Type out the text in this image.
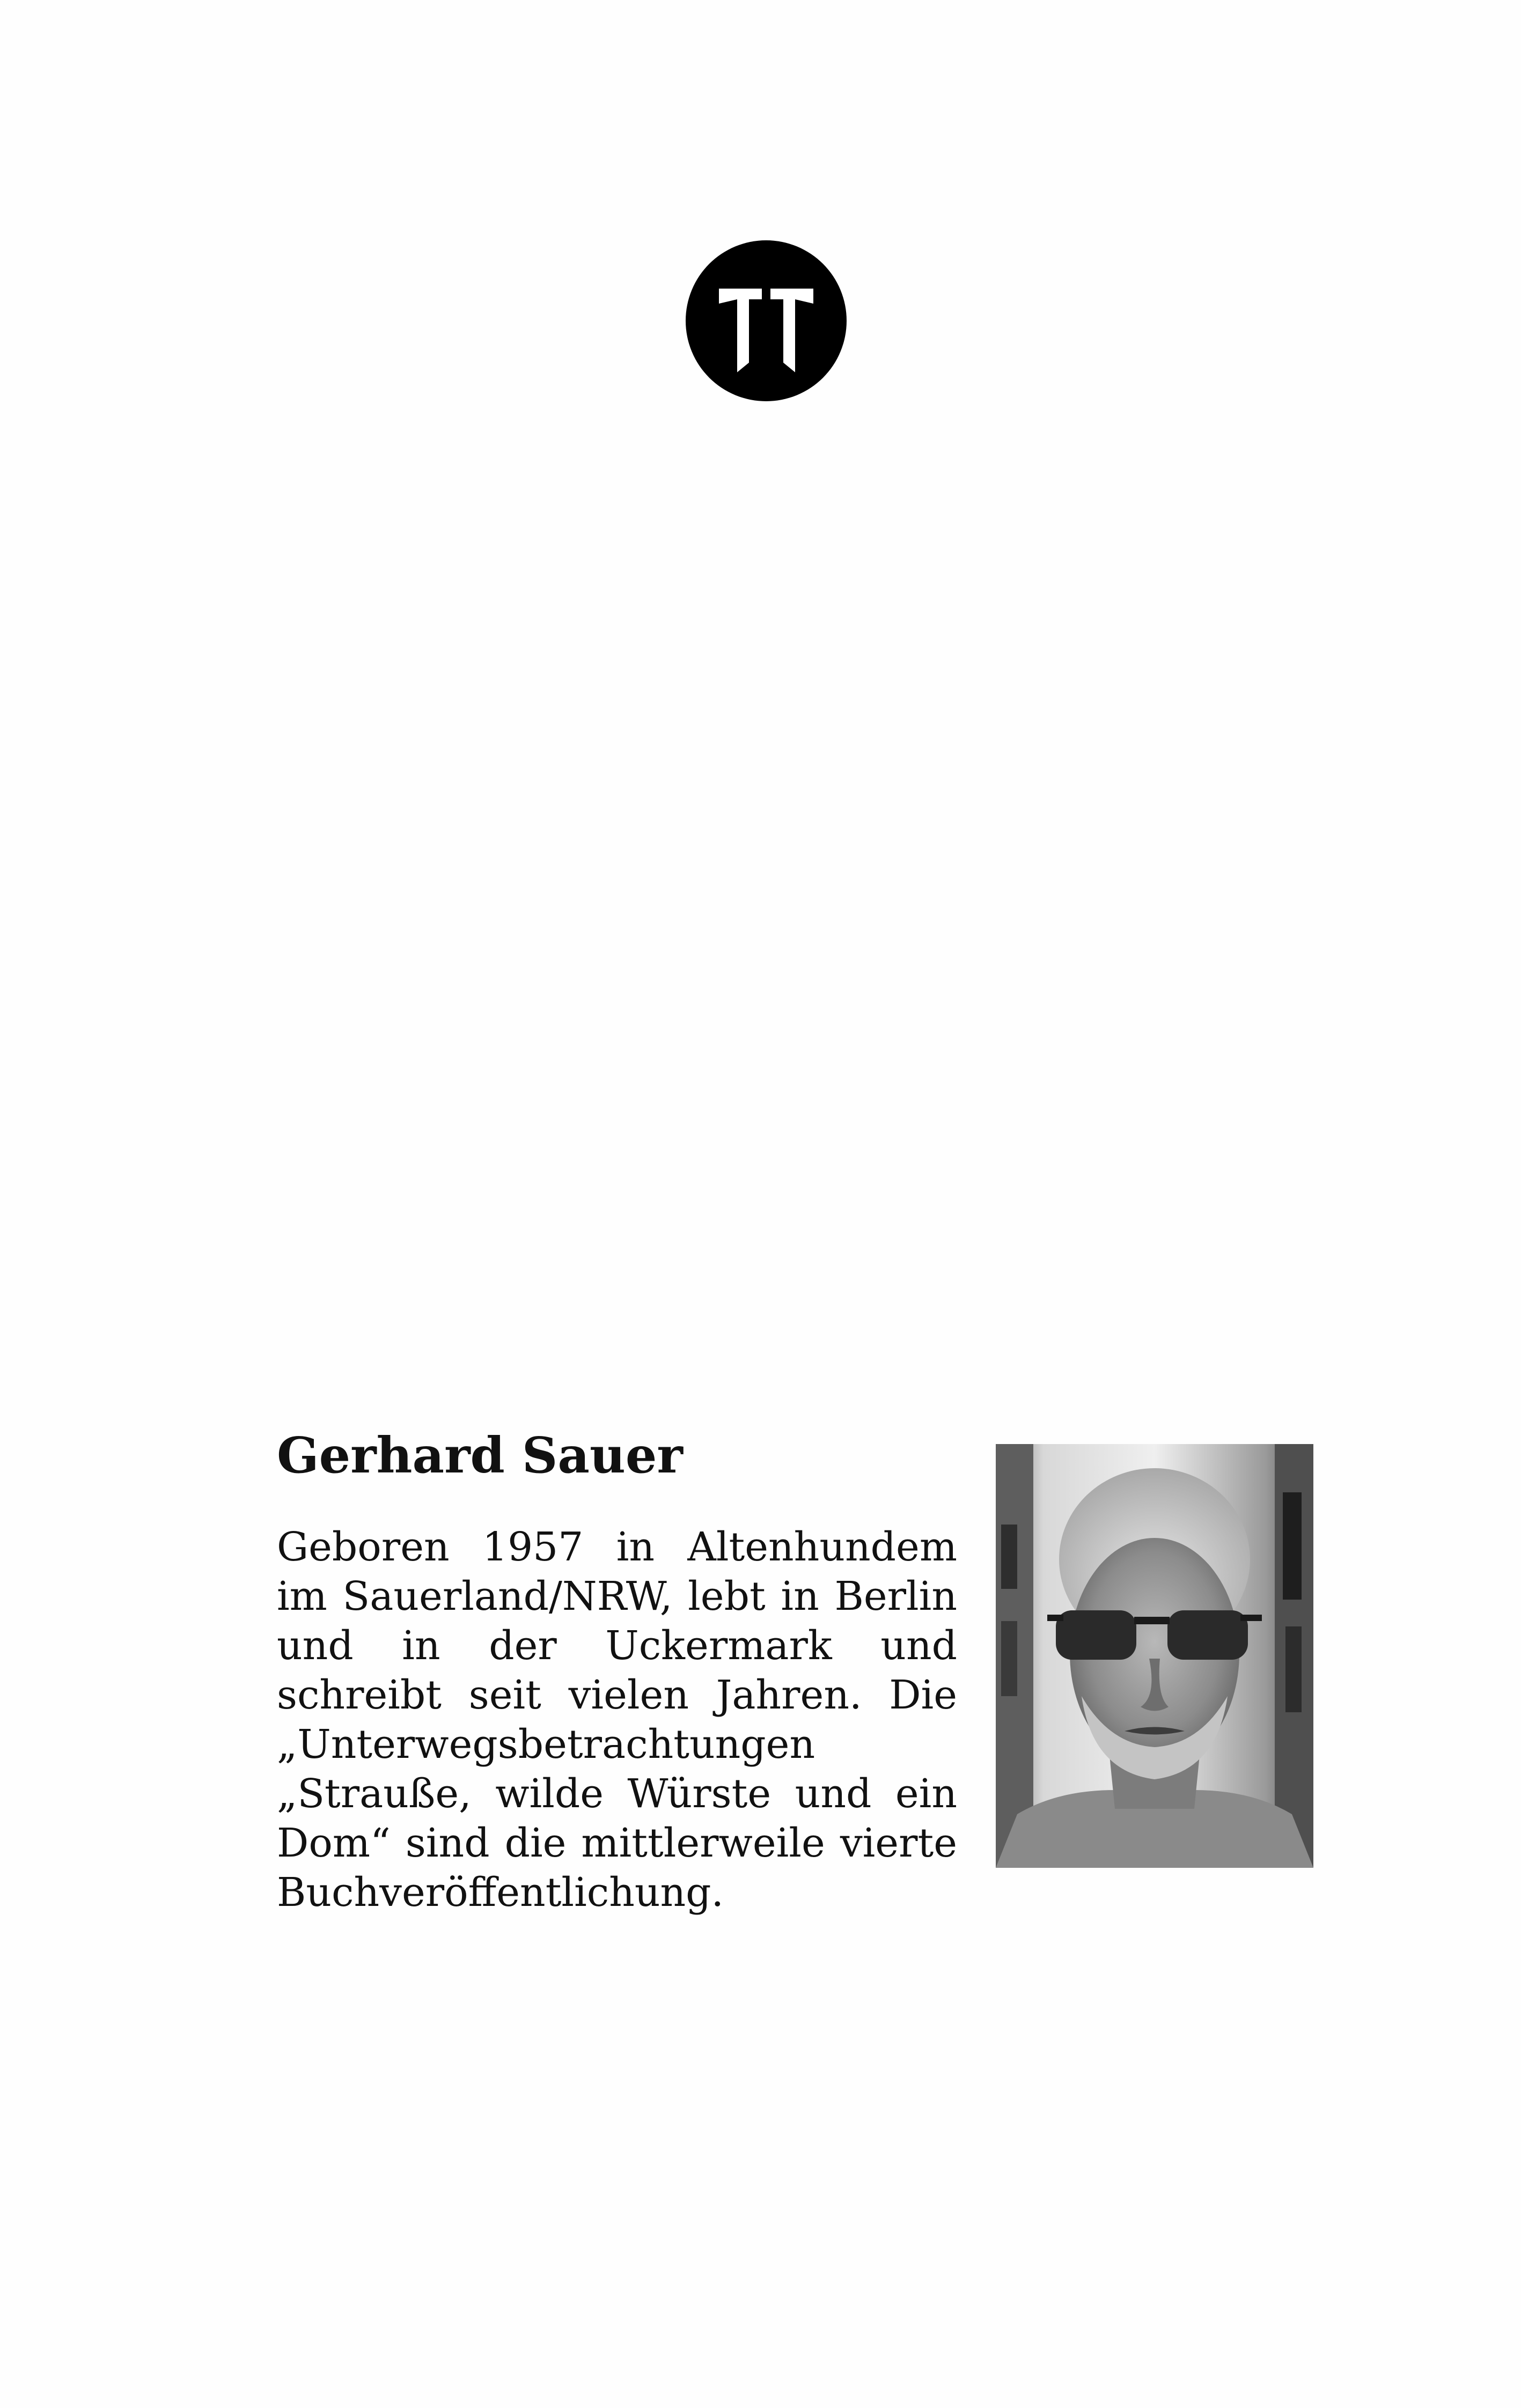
Gerhard Sauer

Geboren 1957 in Altenhundem im Sauerland/NRW, lebt in Berlin und in der Uckermark und schreibt seit vielen Jahren. Die „Unterwegsbetrachtungen „Strauße, wilde Würste und ein Dom“ sind die mittlerweile vierte Buchveröffentlichung.
